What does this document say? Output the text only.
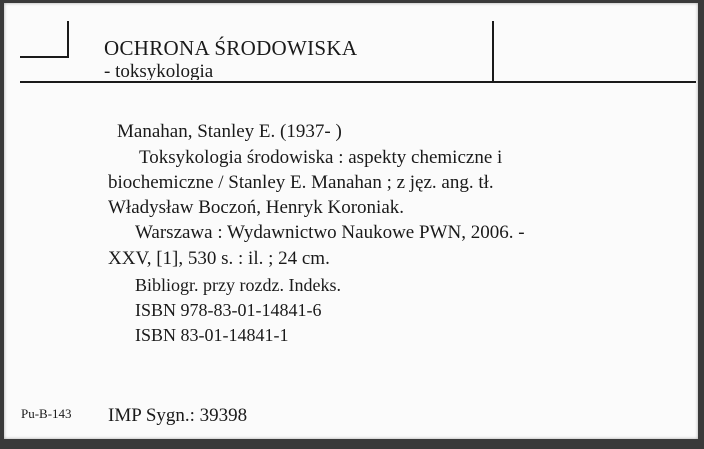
OCHRONA ŚRODOWISKA
- toksykologia
Manahan, Stanley E. (1937- )
Toksykologia środowiska : aspekty chemiczne i
biochemiczne / Stanley E. Manahan ; z jęz. ang. tł.
Władysław Boczoń, Henryk Koroniak.
Warszawa : Wydawnictwo Naukowe PWN, 2006. -
XXV, [1], 530 s. : il. ; 24 cm.
Bibliogr. przy rozdz. Indeks.
ISBN 978-83-01-14841-6
ISBN 83-01-14841-1
Pu-B-143 IMP Sygn.: 39398
